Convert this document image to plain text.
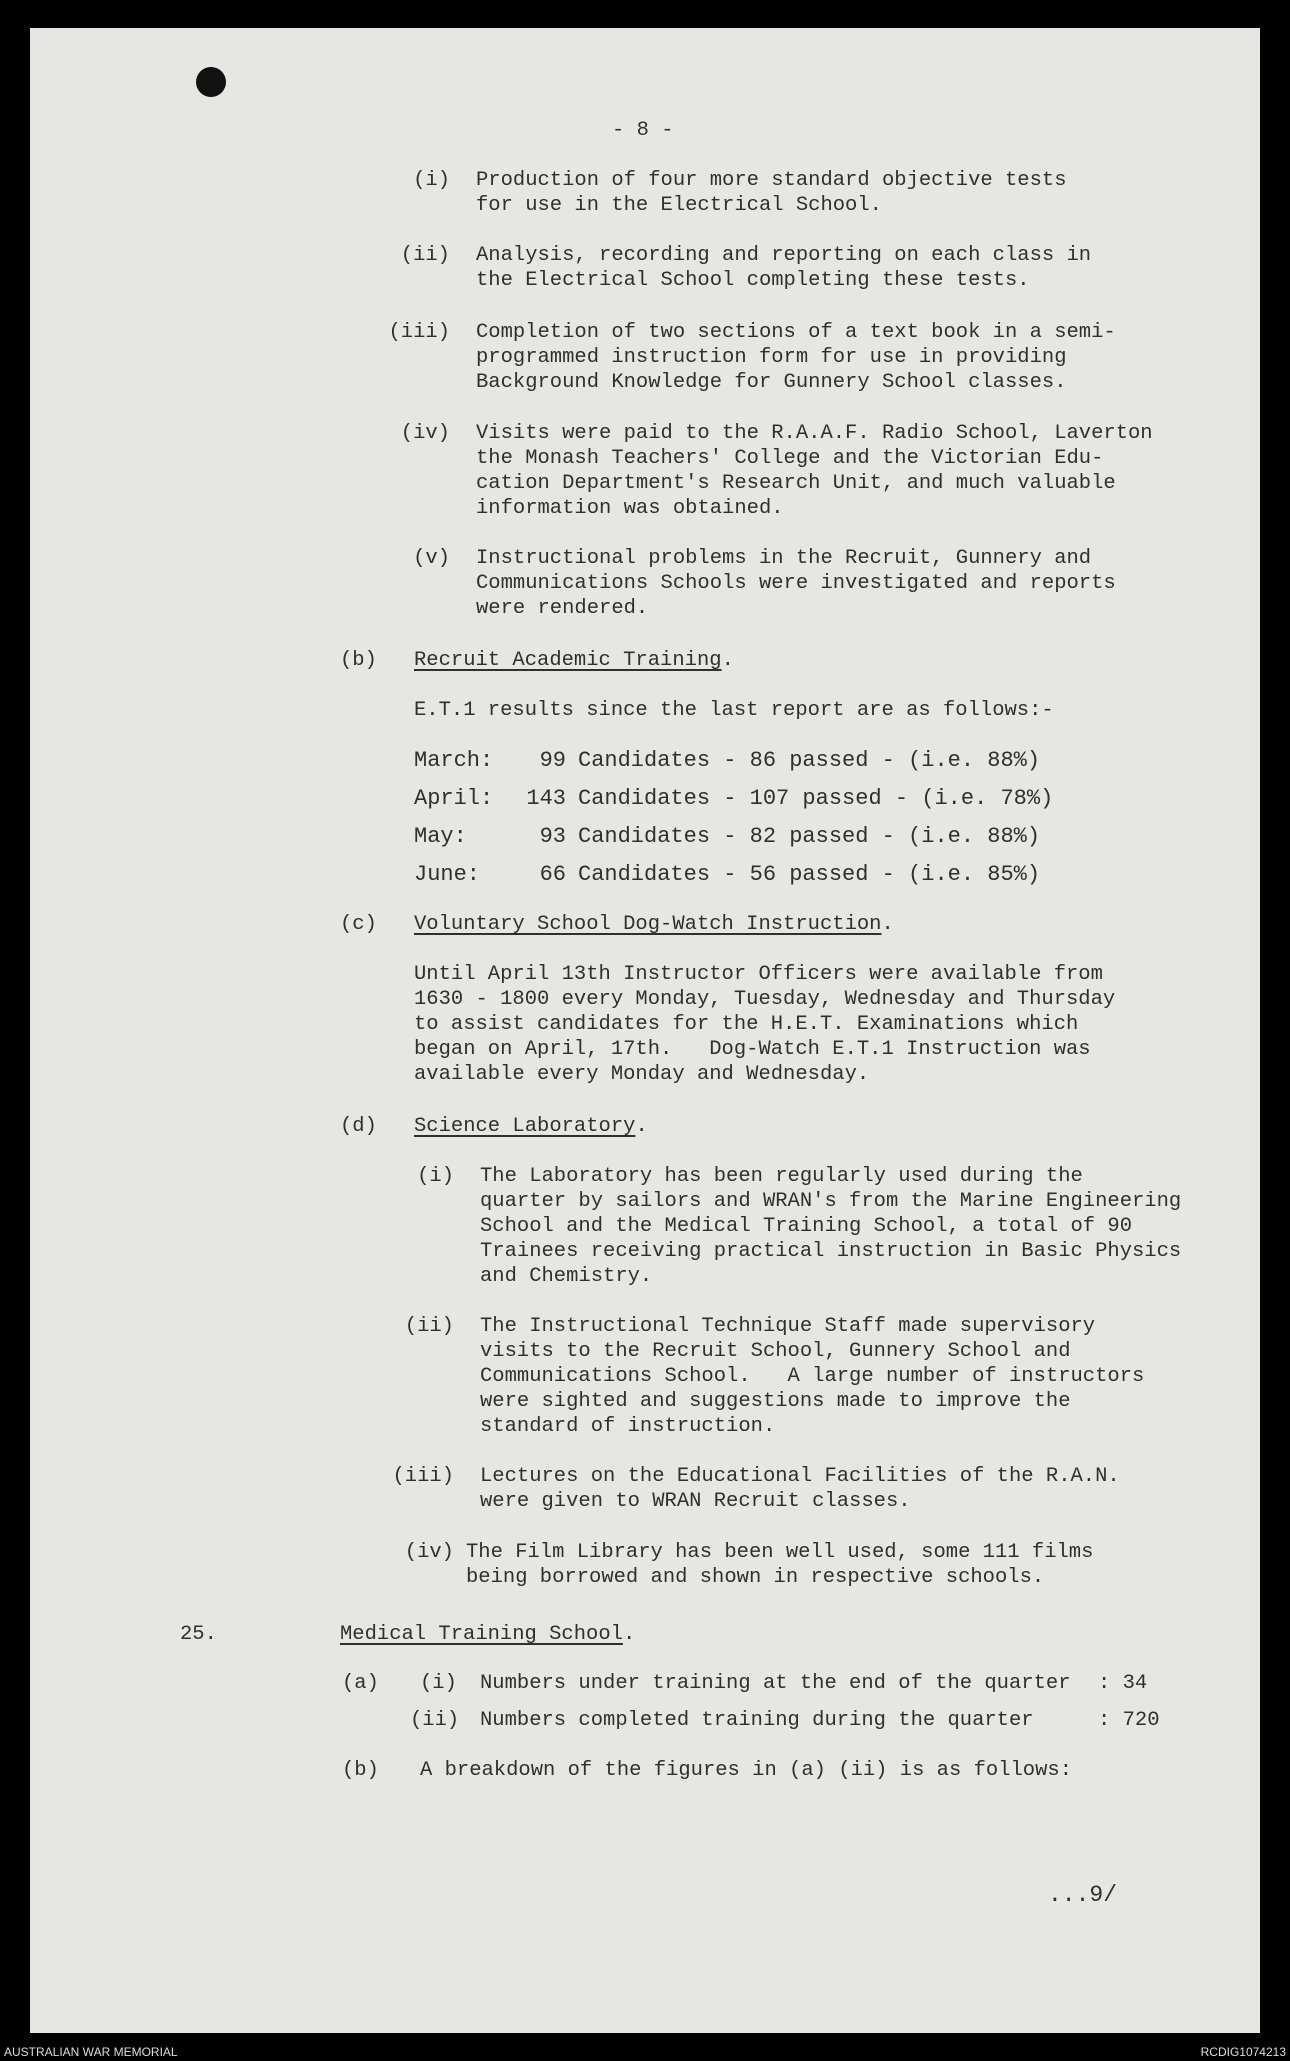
- 8 -
(i) Production of four more standard objective tests
for use in the Electrical School.
(ii) Analysis, recording and reporting on each class in
the Electrical School completing these tests.
(iii) Completion of two sections of a text book in a semi-
programmed instruction form for use in providing
Background Knowledge for Gunnery School classes.
(iv) Visits were paid to the R.A.A.F. Radio School, Laverton
the Monash Teachers' College and the Victorian Edu-
cation Department's Research Unit, and much valuable
information was obtained.
(v) Instructional problems in the Recruit, Gunnery and
Communications Schools were investigated and reports
were rendered.
(b) Recruit Academic Training.
E.T.1 results since the last report are as follows:-
March:	99 Candidates - 86 passed - (i.e. 88%)
April:	143 Candidates - 107 passed - (i.e. 78%)
May:	93 Candidates - 82 passed - (i.e. 88%)
June:	66 Candidates - 56 passed - (i.e. 85%)
(c) Voluntary School Dog-Watch Instruction.
Until April 13th Instructor Officers were available from
1630 - 1800 every Monday, Tuesday, Wednesday and Thursday
to assist candidates for the H.E.T. Examinations which
began on April, 17th.   Dog-Watch E.T.1 Instruction was
available every Monday and Wednesday.
(d) Science Laboratory.
(i) The Laboratory has been regularly used during the
quarter by sailors and WRAN's from the Marine Engineering
School and the Medical Training School, a total of 90
Trainees receiving practical instruction in Basic Physics
and Chemistry.
(ii) The Instructional Technique Staff made supervisory
visits to the Recruit School, Gunnery School and
Communications School.   A large number of instructors
were sighted and suggestions made to improve the
standard of instruction.
(iii) Lectures on the Educational Facilities of the R.A.N.
were given to WRAN Recruit classes.
(iv) The Film Library has been well used, some 111 films
being borrowed and shown in respective schools.
25.	Medical Training School.
(a) (i) Numbers under training at the end of the quarter : 34
(ii) Numbers completed training during the quarter	: 720
(b) A breakdown of the figures in (a) (ii) is as follows:
...9/
AUSTRALIAN WAR MEMORIAL	RCDIG1074213
